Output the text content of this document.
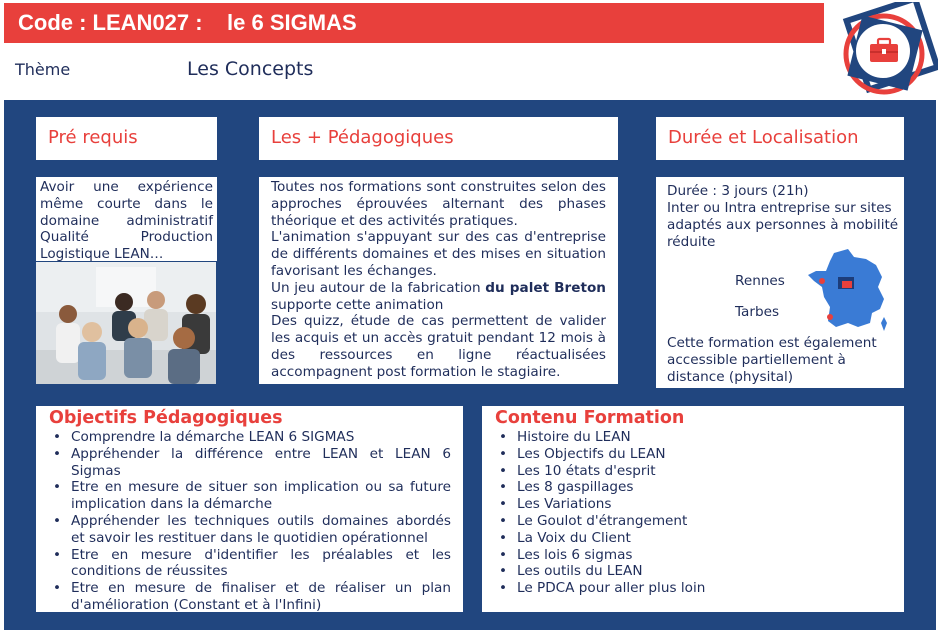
Code : LEAN027 :    le 6 SIGMAS
Thème	Les Concepts
Pré requis
Avoir une expérience même courte dans le domaine administratif Qualité Production Logistique LEAN…
Les + Pédagogiques
Toutes nos formations sont construites selon des approches éprouvées alternant des phases théorique et des activités pratiques.
L'animation s'appuyant sur des cas d'entreprise de différents domaines et des mises en situation favorisant les échanges.
Un jeu autour de la fabrication du palet Breton supporte cette animation
Des quizz, étude de cas permettent de valider les acquis et un accès gratuit pendant 12 mois à des ressources en ligne réactualisées accompagnent post formation le stagiaire.
Durée et Localisation
Durée : 3 jours (21h)
Inter ou Intra entreprise sur sites adaptés aux personnes à mobilité réduite
Rennes
Tarbes
Cette formation est également accessible partiellement à distance (physital)
Objectifs Pédagogiques
• Comprendre la démarche LEAN 6 SIGMAS
• Appréhender la différence entre LEAN et LEAN 6 Sigmas
• Etre en mesure de situer son implication ou sa future implication dans la démarche
• Appréhender les techniques outils domaines abordés et savoir les restituer dans le quotidien opérationnel
• Etre en mesure d'identifier les préalables et les conditions de réussites
• Etre en mesure de finaliser et de réaliser un plan d'amélioration (Constant et à l'Infini)
Contenu Formation
• Histoire du LEAN
• Les Objectifs du LEAN
• Les 10 états d'esprit
• Les 8 gaspillages
• Les Variations
• Le Goulot d'étrangement
• La Voix du Client
• Les lois 6 sigmas
• Les outils du LEAN
• Le PDCA pour aller plus loin
